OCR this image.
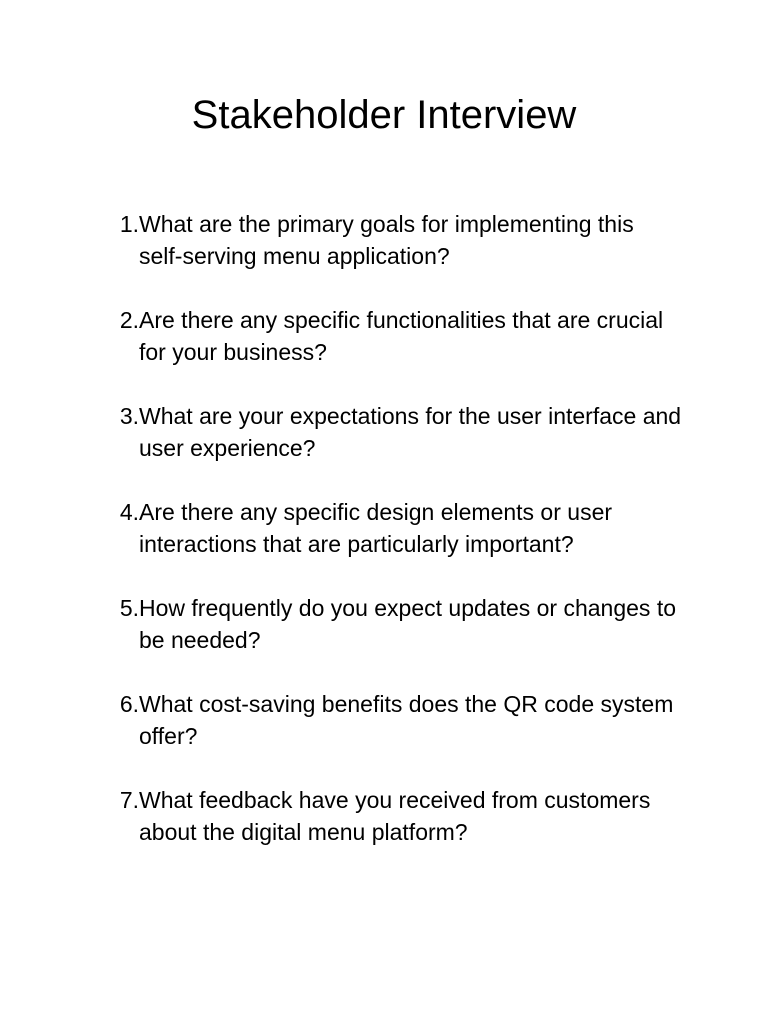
Stakeholder Interview
1. What are the primary goals for implementing this self-serving menu application?
2. Are there any specific functionalities that are crucial for your business?
3. What are your expectations for the user interface and user experience?
4. Are there any specific design elements or user interactions that are particularly important?
5. How frequently do you expect updates or changes to be needed?
6. What cost-saving benefits does the QR code system offer?
7. What feedback have you received from customers about the digital menu platform?
